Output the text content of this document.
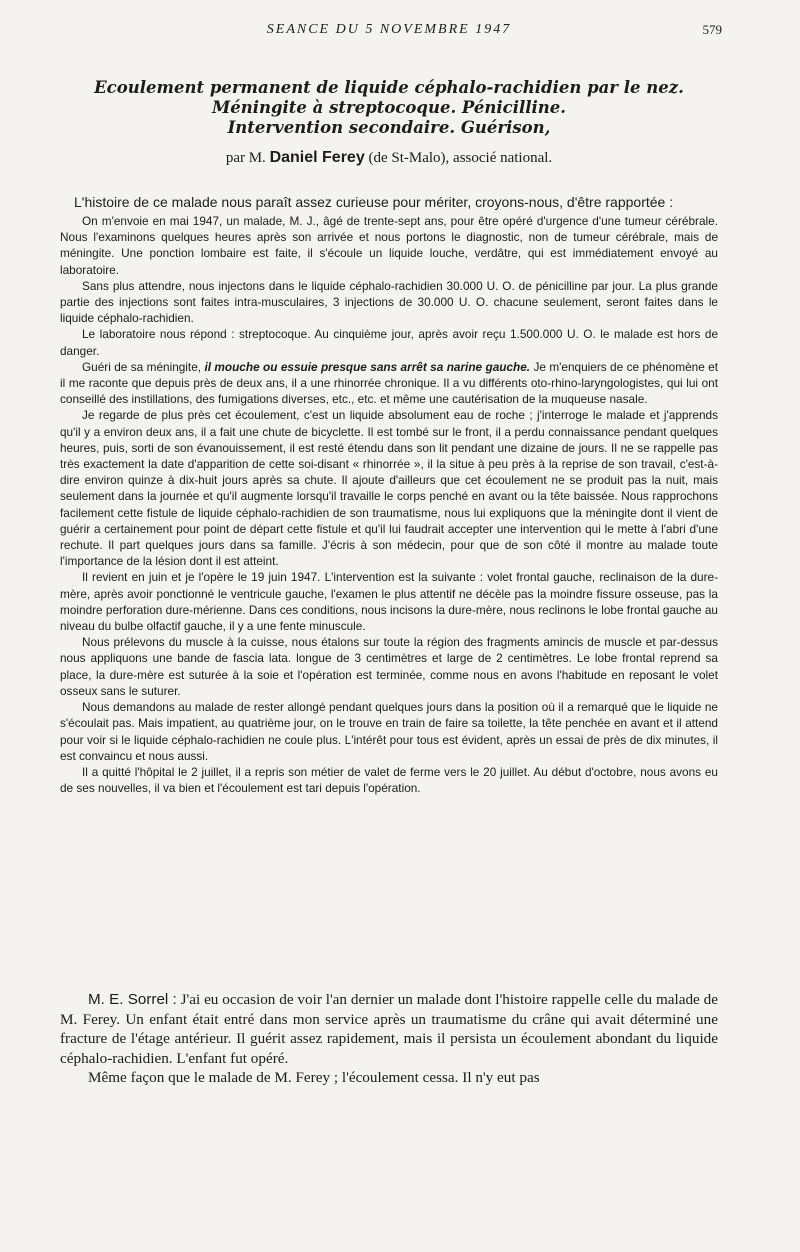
SEANCE DU 5 NOVEMBRE 1947	579

Ecoulement permanent de liquide céphalo-rachidien par le nez.

Méningite à streptocoque. Pénicilline.

Intervention secondaire. Guérison,

par M. Daniel Ferey (de St-Malo), associé national.

L'histoire de ce malade nous paraît assez curieuse pour mériter, croyons-nous, d'être rapportée :

On m'envoie en mai 1947, un malade, M. J., âgé de trente-sept ans, pour être opéré d'urgence d'une tumeur cérébrale. Nous l'examinons quelques heures après son arrivée et nous portons le diagnostic, non de tumeur cérébrale, mais de méningite. Une ponction lombaire est faite, il s'écoule un liquide louche, verdâtre, qui est immédiatement envoyé au laboratoire.

Sans plus attendre, nous injectons dans le liquide céphalo-rachidien 30.000 U. O. de pénicilline par jour. La plus grande partie des injections sont faites intra-musculaires, 3 injections de 30.000 U. O. chacune seulement, seront faites dans le liquide céphalo-rachidien.

Le laboratoire nous répond : streptocoque. Au cinquième jour, après avoir reçu 1.500.000 U. O. le malade est hors de danger.

Guéri de sa méningite, il mouche ou essuie presque sans arrêt sa narine gauche. Je m'enquiers de ce phénomène et il me raconte que depuis près de deux ans, il a une rhinorrée chronique. Il a vu différents oto-rhino-laryngologistes, qui lui ont conseillé des instillations, des fumigations diverses, etc., etc. et même une cautérisation de la muqueuse nasale.

Je regarde de plus près cet écoulement, c'est un liquide absolument eau de roche ; j'interroge le malade et j'apprends qu'il y a environ deux ans, il a fait une chute de bicyclette. Il est tombé sur le front, il a perdu connaissance pendant quelques heures, puis, sorti de son évanouissement, il est resté étendu dans son lit pendant une dizaine de jours. Il ne se rappelle pas très exactement la date d'apparition de cette soi-disant « rhinorrée », il la situe à peu près à la reprise de son travail, c'est-à-dire environ quinze à dix-huit jours après sa chute. Il ajoute d'ailleurs que cet écoulement ne se produit pas la nuit, mais seulement dans la journée et qu'il augmente lorsqu'il travaille le corps penché en avant ou la tête baissée. Nous rapprochons facilement cette fistule de liquide céphalo-rachidien de son traumatisme, nous lui expliquons que la méningite dont il vient de guérir a certainement pour point de départ cette fistule et qu'il lui faudrait accepter une intervention qui le mette à l'abri d'une rechute. Il part quelques jours dans sa famille. J'écris à son médecin, pour que de son côté il montre au malade toute l'importance de la lésion dont il est atteint.

Il revient en juin et je l'opère le 19 juin 1947. L'intervention est la suivante : volet frontal gauche, reclinaison de la dure-mère, après avoir ponctionné le ventricule gauche, l'examen le plus attentif ne décèle pas la moindre fissure osseuse, pas la moindre perforation dure-mérienne. Dans ces conditions, nous incisons la dure-mère, nous reclinons le lobe frontal gauche au niveau du bulbe olfactif gauche, il y a une fente minuscule.

Nous prélevons du muscle à la cuisse, nous étalons sur toute la région des fragments amincis de muscle et par-dessus nous appliquons une bande de fascia lata. longue de 3 centimètres et large de 2 centimètres. Le lobe frontal reprend sa place, la dure-mère est suturée à la soie et l'opération est terminée, comme nous en avons l'habitude en reposant le volet osseux sans le suturer.

Nous demandons au malade de rester allongé pendant quelques jours dans la position où il a remarqué que le liquide ne s'écoulait pas. Mais impatient, au quatrième jour, on le trouve en train de faire sa toilette, la tête penchée en avant et il attend pour voir si le liquide céphalo-rachidien ne coule plus. L'intérêt pour tous est évident, après un essai de près de dix minutes, il est convaincu et nous aussi.

Il a quitté l'hôpital le 2 juillet, il a repris son métier de valet de ferme vers le 20 juillet. Au début d'octobre, nous avons eu de ses nouvelles, il va bien et l'écoulement est tari depuis l'opération.

M. E. Sorrel : J'ai eu occasion de voir l'an dernier un malade dont l'histoire rappelle celle du malade de M. Ferey. Un enfant était entré dans mon service après un traumatisme du crâne qui avait déterminé une fracture de l'étage antérieur. Il guérit assez rapidement, mais il persista un écoulement abondant du liquide céphalo-rachidien. L'enfant fut opéré.

Même façon que le malade de M. Ferey ; l'écoulement cessa. Il n'y eut pas
